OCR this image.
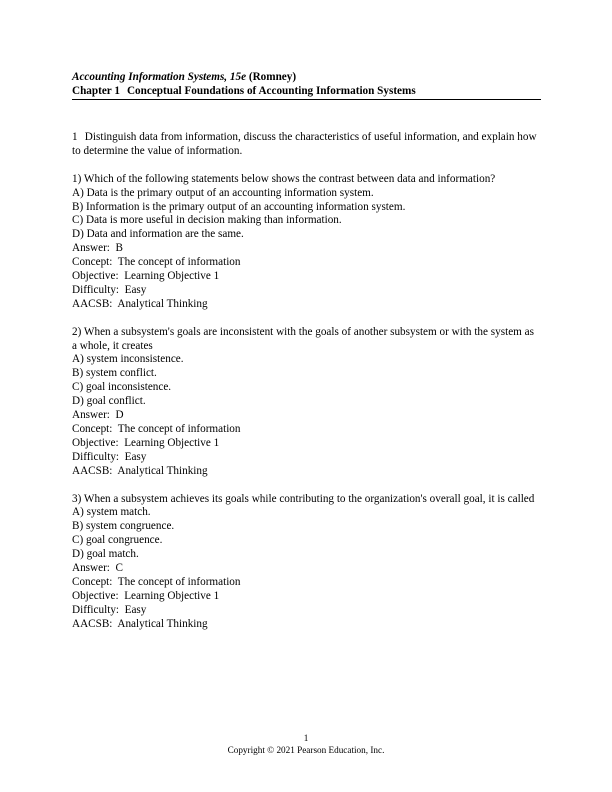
Accounting Information Systems, 15e (Romney)
Chapter 1 Conceptual Foundations of Accounting Information Systems

1 Distinguish data from information, discuss the characteristics of useful information, and explain how to determine the value of information.

1) Which of the following statements below shows the contrast between data and information?
A) Data is the primary output of an accounting information system.
B) Information is the primary output of an accounting information system.
C) Data is more useful in decision making than information.
D) Data and information are the same.
Answer:  B
Concept:  The concept of information
Objective:  Learning Objective 1
Difficulty:  Easy
AACSB:  Analytical Thinking
2) When a subsystem's goals are inconsistent with the goals of another subsystem or with the system as a whole, it creates
A) system inconsistence.
B) system conflict.
C) goal inconsistence.
D) goal conflict.
Answer:  D
Concept:  The concept of information
Objective:  Learning Objective 1
Difficulty:  Easy
AACSB:  Analytical Thinking
3) When a subsystem achieves its goals while contributing to the organization's overall goal, it is called
A) system match.
B) system congruence.
C) goal congruence.
D) goal match.
Answer:  C
Concept:  The concept of information
Objective:  Learning Objective 1
Difficulty:  Easy
AACSB:  Analytical Thinking
1
Copyright © 2021 Pearson Education, Inc.
